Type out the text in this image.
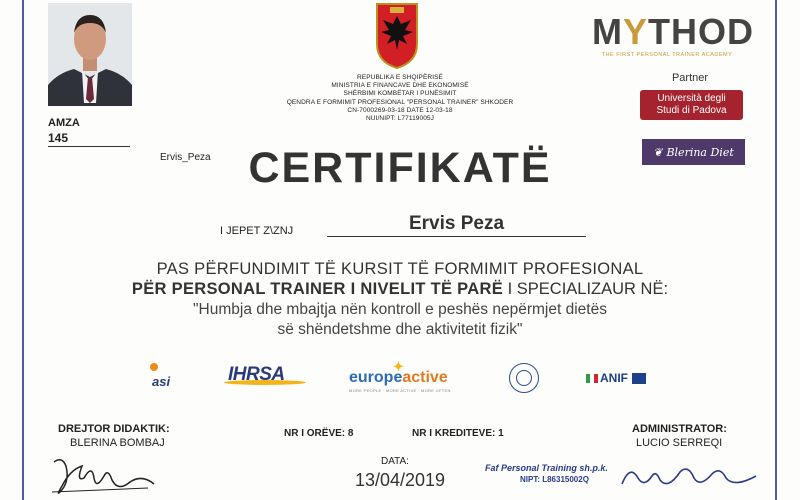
AMZA
145
Ervis_Peza
REPUBLIKA E SHQIPËRISË
MINISTRIA E FINANCAVE DHE EKONOMISË
SHËRBIMI KOMBËTAR I PUNËSIMIT
QENDRA E FORMIMIT PROFESIONAL "PERSONAL TRAINER" SHKODER
CN-7000269-03-18 DATE 12-03-18
NUI/NIPT: L77119005J
MYTHOD
THE FIRST PERSONAL TRAINER ACADEMY
Partner
Università degli
Studi di Padova
❦ Blerina Diet
CERTIFIKATË
I JEPET Z\ZNJ	Ervis Peza
PAS PËRFUNDIMIT TË KURSIT TË FORMIMIT PROFESIONAL
PËR PERSONAL TRAINER I NIVELIT TË PARË I SPECIALIZAUR NË:
"Humbja dhe mbajtja nën kontroll e peshës nepërmjet dietës
së shëndetshme dhe aktivitetit fizik"
asi	IHRSA	✦
europeactive
MORE PEOPLE · MORE ACTIVE · MORE OFTEN
ANIF
DREJTOR DIDAKTIK:
BLERINA BOMBAJ
NR I ORËVE: 8	NR I KREDITEVE: 1	ADMINISTRATOR:
LUCIO SERREQI
DATA:
13/04/2019
Faf Personal Training sh.p.k.
NIPT: L86315002Q
